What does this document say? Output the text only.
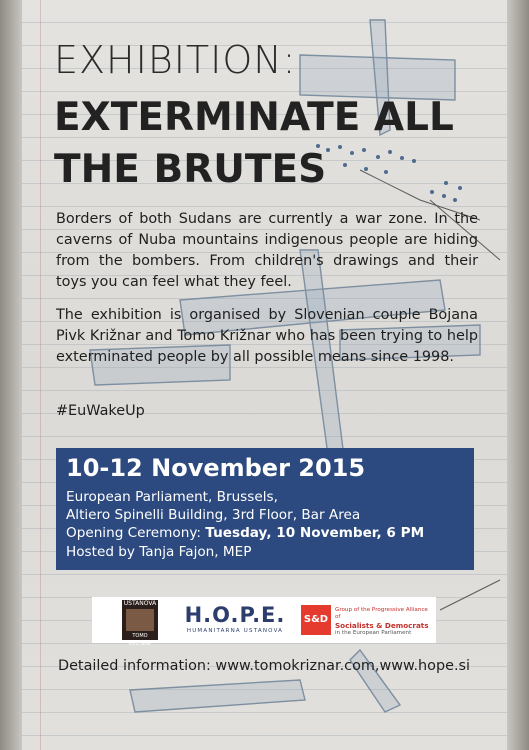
EXHIBITION:
EXTERMINATE ALL THE BRUTES
Borders of both Sudans are currently a war zone. In the caverns of Nuba mountains indigenous people are hiding from the bombers. From children's drawings and their toys you can feel what they feel.
The exhibition is organised by Slovenian couple Bojana Pivk Križnar and Tomo Križnar who has been trying to help exterminated people by all possible means since 1998.
#EuWakeUp
10-12 November 2015
European Parliament, Brussels,
Altiero Spinelli Building, 3rd Floor, Bar Area
Opening Ceremony: Tuesday, 10 November, 6 PM
Hosted by Tanja Fajon, MEP
USTANOVA
TOMO KRIŽNAR
H.O.P.E.
HUMANITARNA USTANOVA
S&D
Group of the Progressive Alliance of
Socialists & Democrats
in the European Parliament
Detailed information: www.tomokriznar.com,www.hope.si
